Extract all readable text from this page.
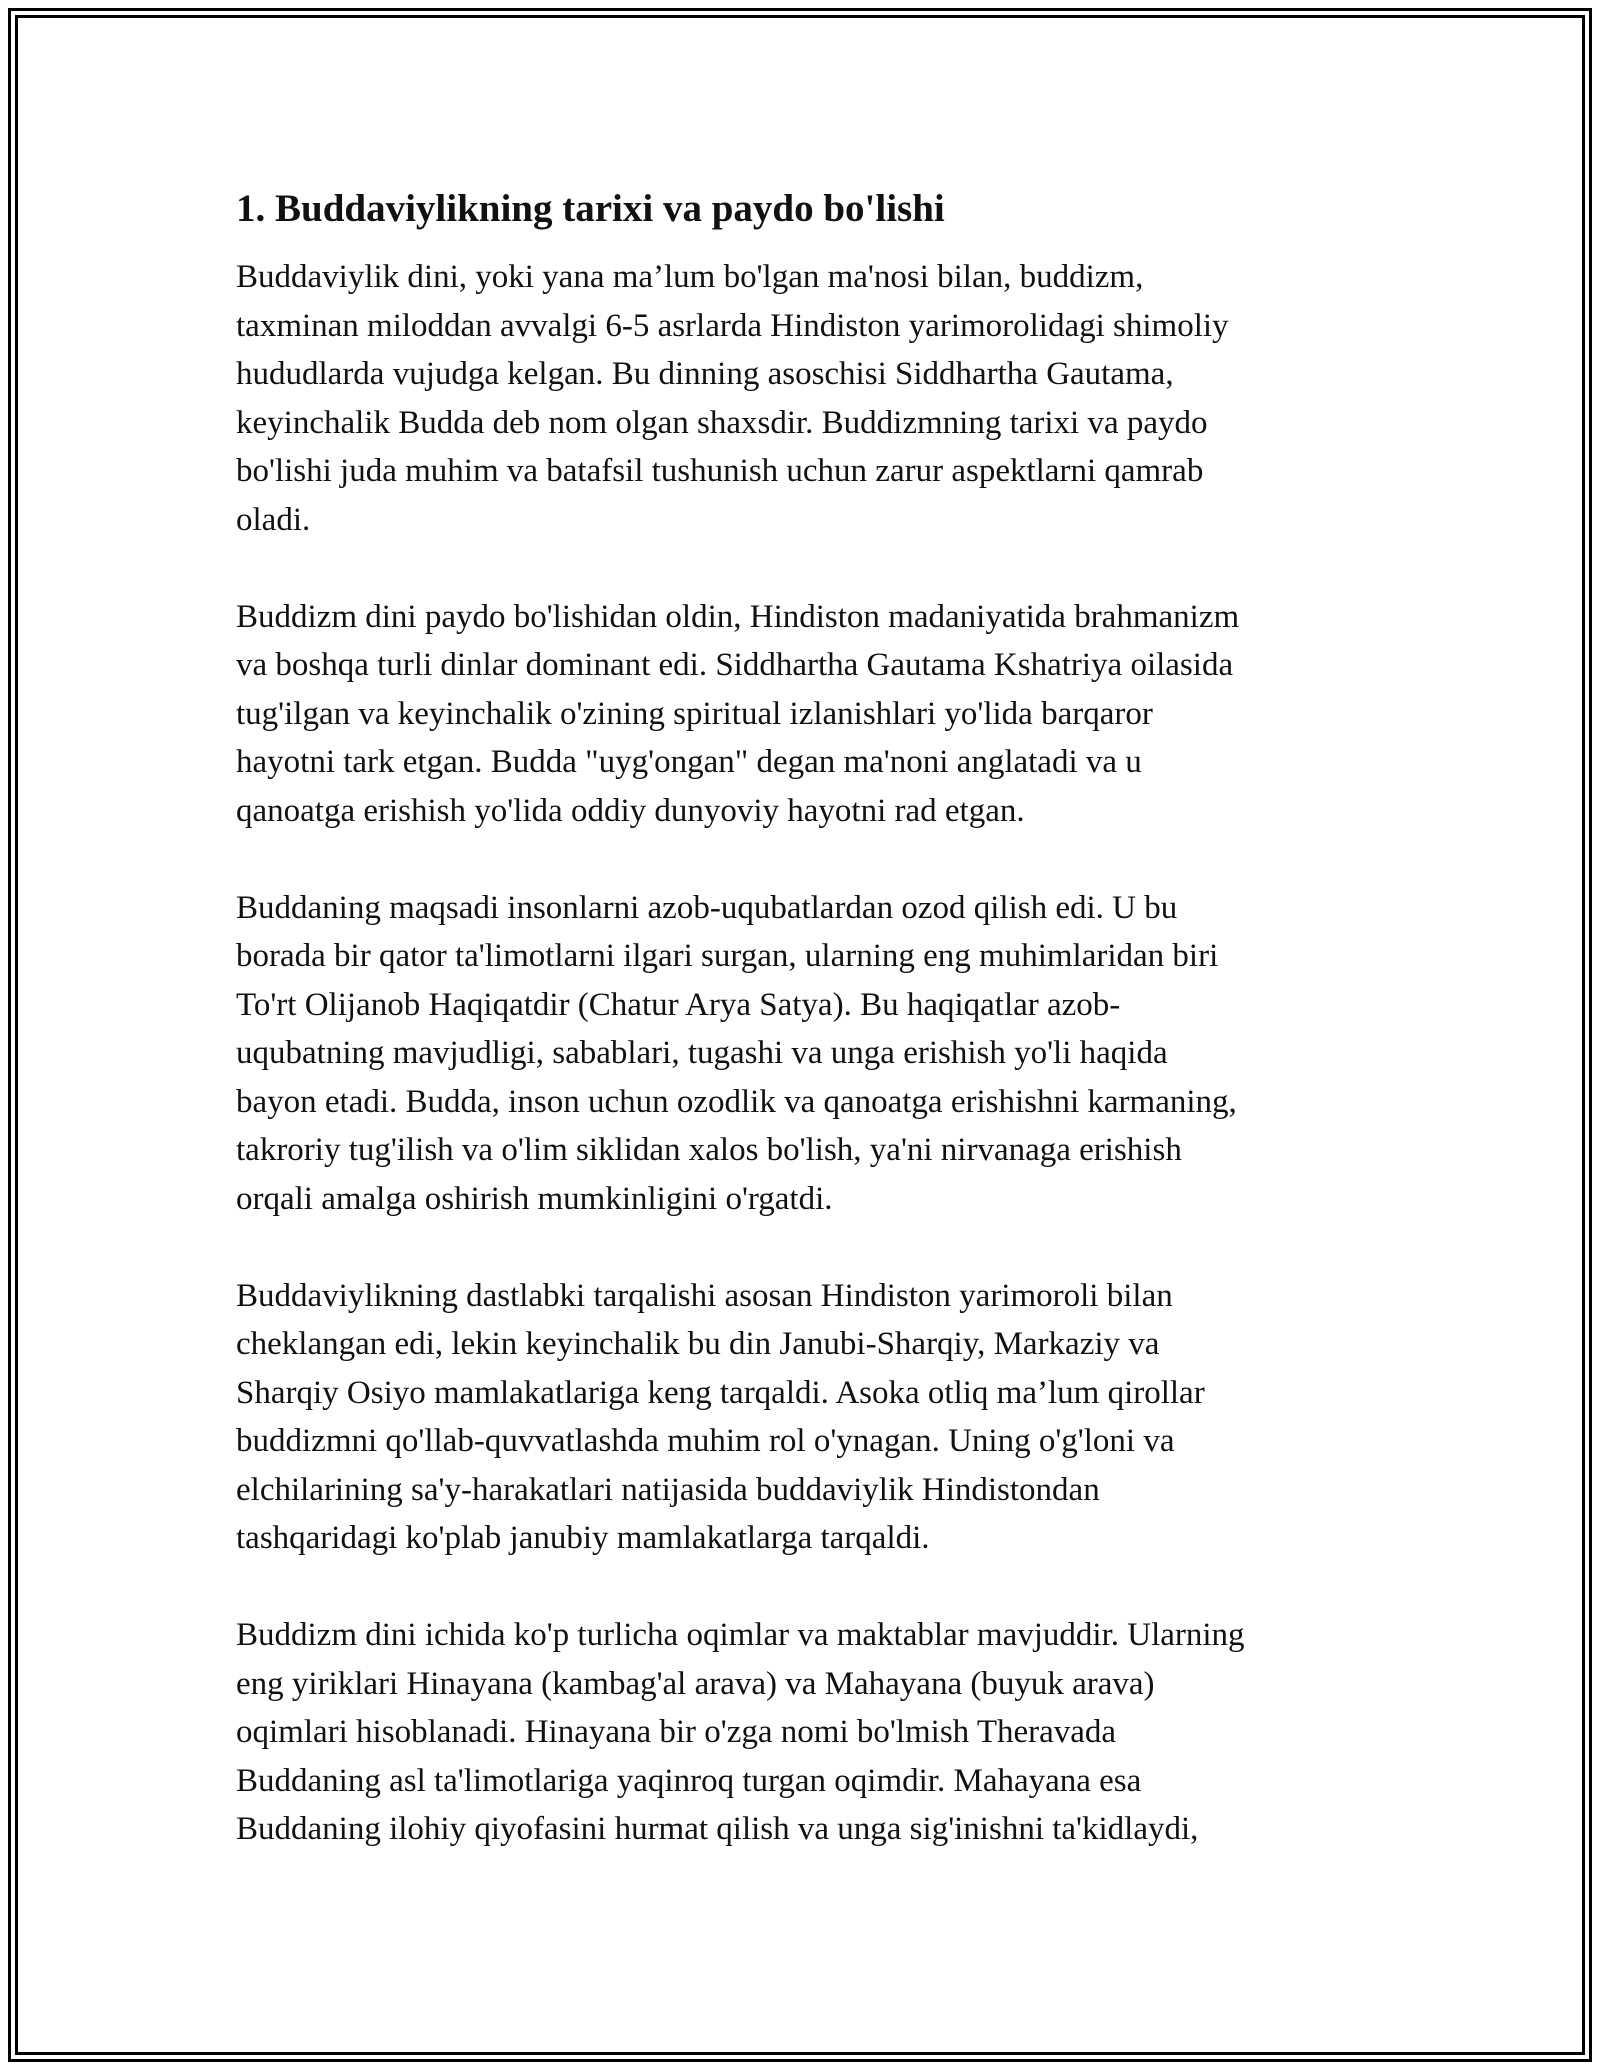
1. Buddaviylikning tarixi va paydo bo'lishi

Buddaviylik dini, yoki yana ma’lum bo'lgan ma'nosi bilan, buddizm,
taxminan miloddan avvalgi 6-5 asrlarda Hindiston yarimorolidagi shimoliy
hududlarda vujudga kelgan. Bu dinning asoschisi Siddhartha Gautama,
keyinchalik Budda deb nom olgan shaxsdir. Buddizmning tarixi va paydo
bo'lishi juda muhim va batafsil tushunish uchun zarur aspektlarni qamrab
oladi.

Buddizm dini paydo bo'lishidan oldin, Hindiston madaniyatida brahmanizm
va boshqa turli dinlar dominant edi. Siddhartha Gautama Kshatriya oilasida
tug'ilgan va keyinchalik o'zining spiritual izlanishlari yo'lida barqaror
hayotni tark etgan. Budda "uyg'ongan" degan ma'noni anglatadi va u
qanoatga erishish yo'lida oddiy dunyoviy hayotni rad etgan.

Buddaning maqsadi insonlarni azob-uqubatlardan ozod qilish edi. U bu
borada bir qator ta'limotlarni ilgari surgan, ularning eng muhimlaridan biri
To'rt Olijanob Haqiqatdir (Chatur Arya Satya). Bu haqiqatlar azob-
uqubatning mavjudligi, sabablari, tugashi va unga erishish yo'li haqida
bayon etadi. Budda, inson uchun ozodlik va qanoatga erishishni karmaning,
takroriy tug'ilish va o'lim siklidan xalos bo'lish, ya'ni nirvanaga erishish
orqali amalga oshirish mumkinligini o'rgatdi.

Buddaviylikning dastlabki tarqalishi asosan Hindiston yarimoroli bilan
cheklangan edi, lekin keyinchalik bu din Janubi-Sharqiy, Markaziy va
Sharqiy Osiyo mamlakatlariga keng tarqaldi. Asoka otliq ma’lum qirollar
buddizmni qo'llab-quvvatlashda muhim rol o'ynagan. Uning o'g'loni va
elchilarining sa'y-harakatlari natijasida buddaviylik Hindistondan
tashqaridagi ko'plab janubiy mamlakatlarga tarqaldi.

Buddizm dini ichida ko'p turlicha oqimlar va maktablar mavjuddir. Ularning
eng yiriklari Hinayana (kambag'al arava) va Mahayana (buyuk arava)
oqimlari hisoblanadi. Hinayana bir o'zga nomi bo'lmish Theravada
Buddaning asl ta'limotlariga yaqinroq turgan oqimdir. Mahayana esa
Buddaning ilohiy qiyofasini hurmat qilish va unga sig'inishni ta'kidlaydi,
